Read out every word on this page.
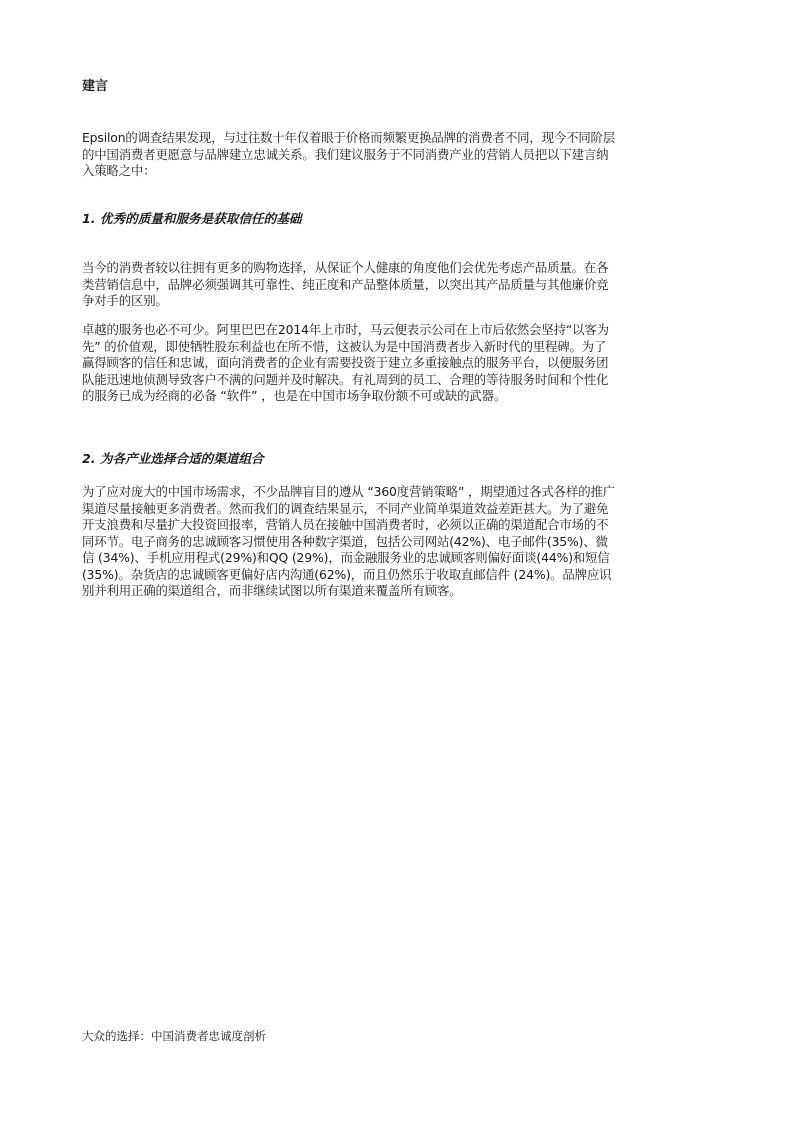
建言

Epsilon的调查结果发现，与过往数十年仅着眼于价格而频繁更换品牌的消费者不同，现今不同阶层的中国消费者更愿意与品牌建立忠诚关系。我们建议服务于不同消费产业的营销人员把以下建言纳入策略之中：

1. 优秀的质量和服务是获取信任的基础

当今的消费者较以往拥有更多的购物选择，从保证个人健康的角度他们会优先考虑产品质量。在各类营销信息中，品牌必须强调其可靠性、纯正度和产品整体质量，以突出其产品质量与其他廉价竞争对手的区别。

卓越的服务也必不可少。阿里巴巴在2014年上市时，马云便表示公司在上市后依然会坚持“以客为先” 的价值观，即使牺牲股东利益也在所不惜，这被认为是中国消费者步入新时代的里程碑。为了赢得顾客的信任和忠诚，面向消费者的企业有需要投资于建立多重接触点的服务平台，以便服务团队能迅速地侦测导致客户不满的问题并及时解决。有礼周到的员工、合理的等待服务时间和个性化的服务已成为经商的必备 “软件” ，也是在中国市场争取份额不可或缺的武器。

2. 为各产业选择合适的渠道组合

为了应对庞大的中国市场需求，不少品牌盲目的遵从 “360度营销策略” ，期望通过各式各样的推广渠道尽量接触更多消费者。然而我们的调查结果显示，不同产业简单渠道效益差距甚大。为了避免开支浪费和尽量扩大投资回报率，营销人员在接触中国消费者时，必须以正确的渠道配合市场的不同环节。电子商务的忠诚顾客习惯使用各种数字渠道，包括公司网站(42%)、电子邮件(35%)、微信 (34%)、手机应用程式(29%)和QQ (29%)，而金融服务业的忠诚顾客则偏好面谈(44%)和短信(35%)。杂货店的忠诚顾客更偏好店内沟通(62%)，而且仍然乐于收取直邮信件 (24%)。品牌应识别并利用正确的渠道组合，而非继续试图以所有渠道来覆盖所有顾客。

大众的选择：中国消费者忠诚度剖析
